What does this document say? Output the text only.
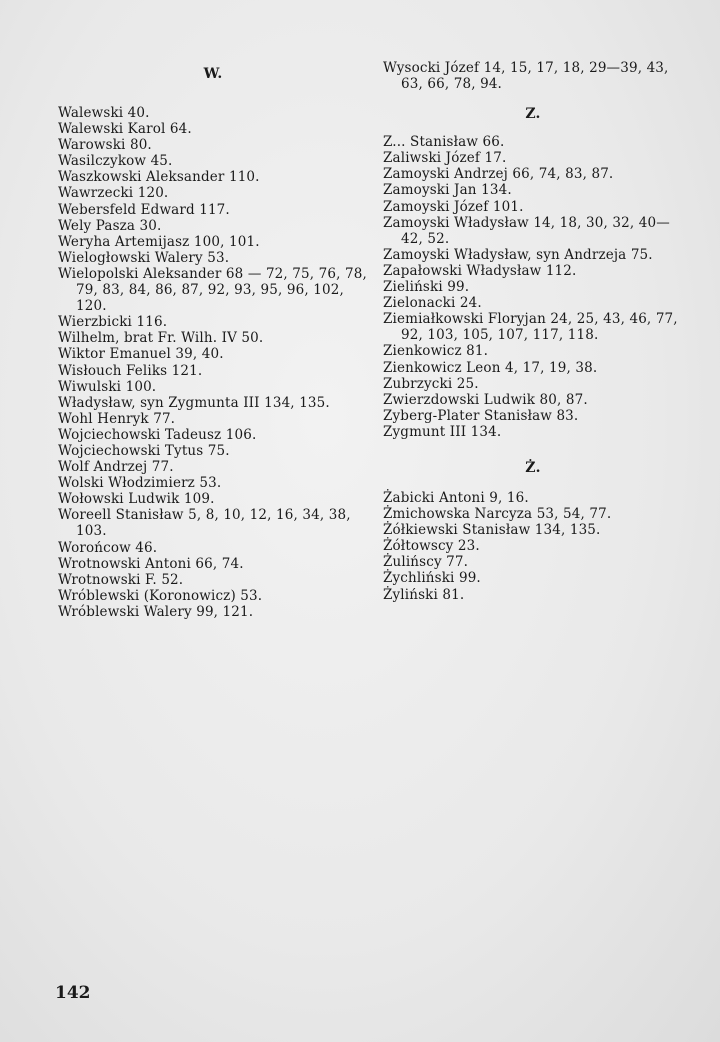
W.
Walewski 40.
Walewski Karol 64.
Warowski 80.
Wasilczykow 45.
Waszkowski Aleksander 110.
Wawrzecki 120.
Webersfeld Edward 117.
Wely Pasza 30.
Weryha Artemijasz 100, 101.
Wielogłowski Walery 53.
Wielopolski Aleksander 68 — 72, 75, 76, 78, 79, 83, 84, 86, 87, 92, 93, 95, 96, 102, 120.
Wierzbicki 116.
Wilhelm, brat Fr. Wilh. IV 50.
Wiktor Emanuel 39, 40.
Wisłouch Feliks 121.
Wiwulski 100.
Władysław, syn Zygmunta III 134, 135.
Wohl Henryk 77.
Wojciechowski Tadeusz 106.
Wojciechowski Tytus 75.
Wolf Andrzej 77.
Wolski Włodzimierz 53.
Wołowski Ludwik 109.
Woreell Stanisław 5, 8, 10, 12, 16, 34, 38, 103.
Worońcow 46.
Wrotnowski Antoni 66, 74.
Wrotnowski F. 52.
Wróblewski (Koronowicz) 53.
Wróblewski Walery 99, 121.
Wysocki Józef 14, 15, 17, 18, 29—39, 43, 63, 66, 78, 94.
Z.
Z... Stanisław 66.
Zaliwski Józef 17.
Zamoyski Andrzej 66, 74, 83, 87.
Zamoyski Jan 134.
Zamoyski Józef 101.
Zamoyski Władysław 14, 18, 30, 32, 40—42, 52.
Zamoyski Władysław, syn Andrzeja 75.
Zapałowski Władysław 112.
Zieliński 99.
Zielonacki 24.
Ziemiałkowski Floryjan 24, 25, 43, 46, 77, 92, 103, 105, 107, 117, 118.
Zienkowicz 81.
Zienkowicz Leon 4, 17, 19, 38.
Zubrzycki 25.
Zwierzdowski Ludwik 80, 87.
Zyberg-Plater Stanisław 83.
Zygmunt III 134.
Ż.
Żabicki Antoni 9, 16.
Żmichowska Narcyza 53, 54, 77.
Żółkiewski Stanisław 134, 135.
Żółtowscy 23.
Żulińscy 77.
Żychliński 99.
Żyliński 81.
142
